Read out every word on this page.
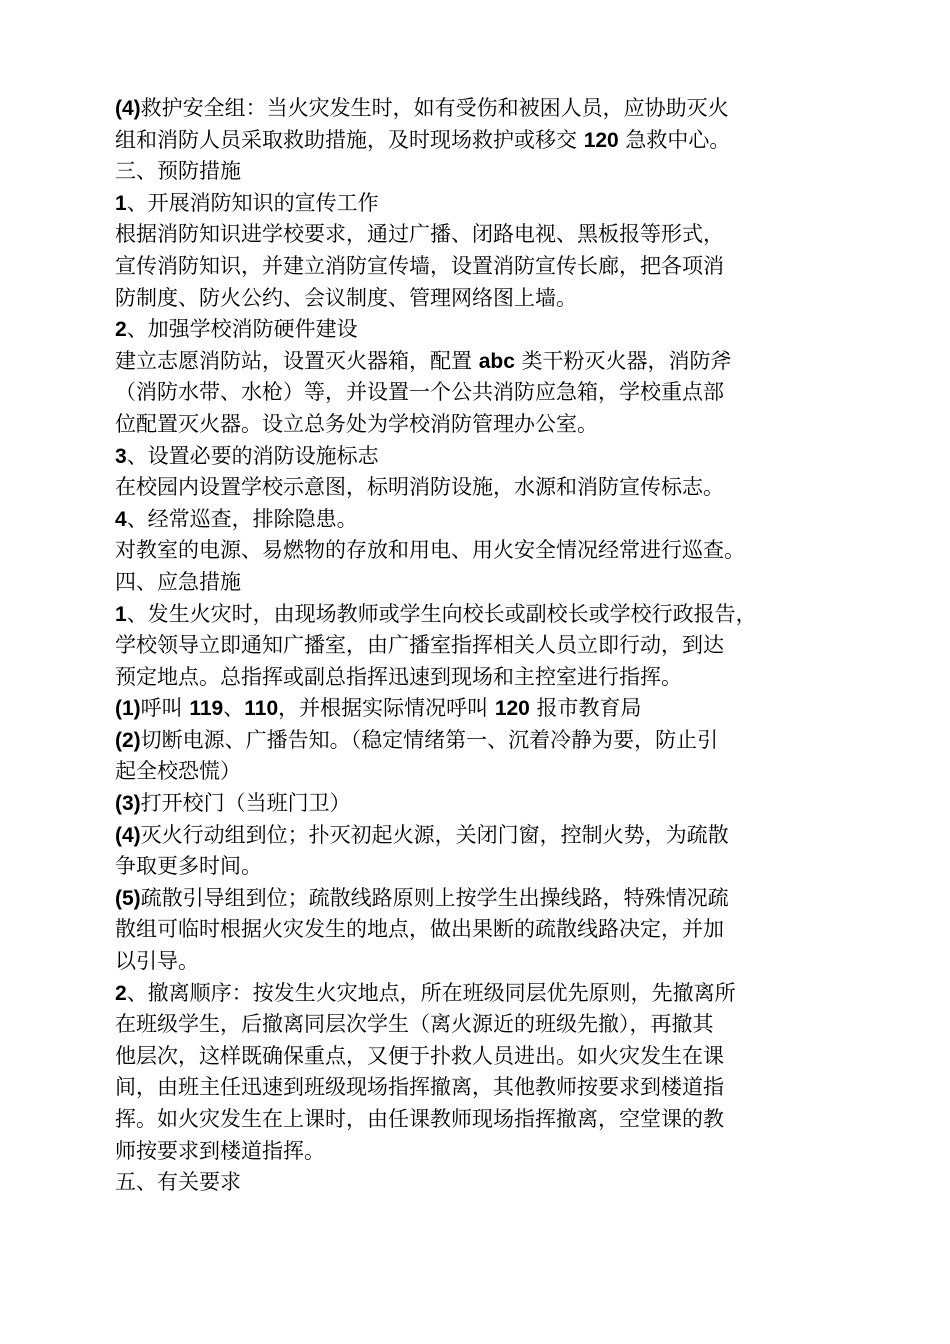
(4)救护安全组：当火灾发生时，如有受伤和被困人员，应协助灭火
组和消防人员采取救助措施，及时现场救护或移交 120 急救中心。
三、预防措施
1、开展消防知识的宣传工作
根据消防知识进学校要求，通过广播、闭路电视、黑板报等形式，
宣传消防知识，并建立消防宣传墙，设置消防宣传长廊，把各项消
防制度、防火公约、会议制度、管理网络图上墙。
2、加强学校消防硬件建设
建立志愿消防站，设置灭火器箱，配置 abc 类干粉灭火器，消防斧
（消防水带、水枪）等，并设置一个公共消防应急箱，学校重点部
位配置灭火器。设立总务处为学校消防管理办公室。
3、设置必要的消防设施标志
在校园内设置学校示意图，标明消防设施，水源和消防宣传标志。
4、经常巡查，排除隐患。
对教室的电源、易燃物的存放和用电、用火安全情况经常进行巡查。
四、应急措施
1、发生火灾时，由现场教师或学生向校长或副校长或学校行政报告，
学校领导立即通知广播室，由广播室指挥相关人员立即行动，到达
预定地点。总指挥或副总指挥迅速到现场和主控室进行指挥。
(1)呼叫 119、110，并根据实际情况呼叫 120 报市教育局
(2)切断电源、广播告知。（稳定情绪第一、沉着冷静为要，防止引
起全校恐慌）
(3)打开校门（当班门卫）
(4)灭火行动组到位；扑灭初起火源，关闭门窗，控制火势，为疏散
争取更多时间。
(5)疏散引导组到位；疏散线路原则上按学生出操线路，特殊情况疏
散组可临时根据火灾发生的地点，做出果断的疏散线路决定，并加
以引导。
2、撤离顺序：按发生火灾地点，所在班级同层优先原则，先撤离所
在班级学生，后撤离同层次学生（离火源近的班级先撤），再撤其
他层次，这样既确保重点，又便于扑救人员进出。如火灾发生在课
间，由班主任迅速到班级现场指挥撤离，其他教师按要求到楼道指
挥。如火灾发生在上课时，由任课教师现场指挥撤离，空堂课的教
师按要求到楼道指挥。
五、有关要求
